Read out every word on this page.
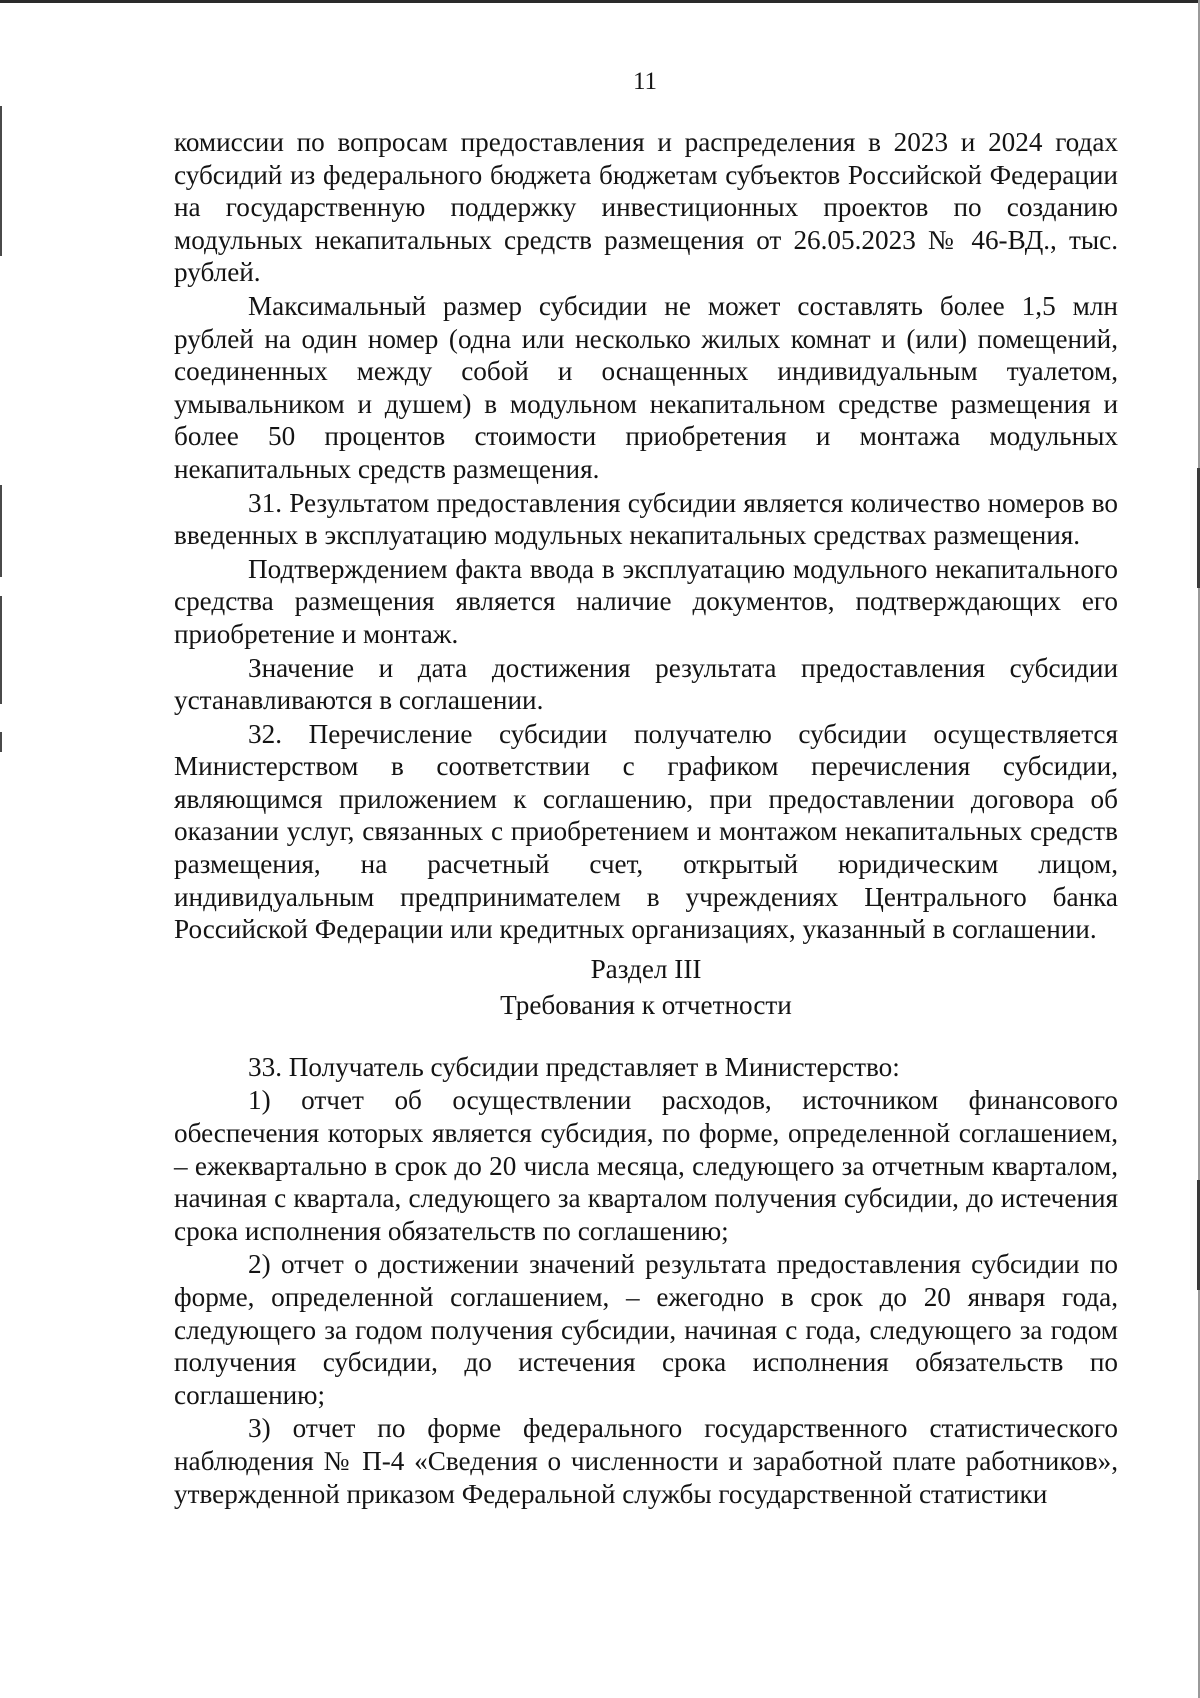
11

комиссии по вопросам предоставления и распределения в 2023 и 2024 годах субсидий из федерального бюджета бюджетам субъектов Российской Федерации на государственную поддержку инвестиционных проектов по созданию модульных некапитальных средств размещения от 26.05.2023 № 46-ВД., тыс. рублей.

Максимальный размер субсидии не может составлять более 1,5 млн рублей на один номер (одна или несколько жилых комнат и (или) помещений, соединенных между собой и оснащенных индивидуальным туалетом, умывальником и душем) в модульном некапитальном средстве размещения и более 50 процентов стоимости приобретения и монтажа модульных некапитальных средств размещения.

31. Результатом предоставления субсидии является количество номеров во введенных в эксплуатацию модульных некапитальных средствах размещения.

Подтверждением факта ввода в эксплуатацию модульного некапитального средства размещения является наличие документов, подтверждающих его приобретение и монтаж.

Значение и дата достижения результата предоставления субсидии устанавливаются в соглашении.

32. Перечисление субсидии получателю субсидии осуществляется Министерством в соответствии с графиком перечисления субсидии, являющимся приложением к соглашению, при предоставлении договора об оказании услуг, связанных с приобретением и монтажом некапитальных средств размещения, на расчетный счет, открытый юридическим лицом, индивидуальным предпринимателем в учреждениях Центрального банка Российской Федерации или кредитных организациях, указанный в соглашении.

Раздел III
Требования к отчетности

33. Получатель субсидии представляет в Министерство:

1) отчет об осуществлении расходов, источником финансового обеспечения которых является субсидия, по форме, определенной соглашением, – ежеквартально в срок до 20 числа месяца, следующего за отчетным кварталом, начиная с квартала, следующего за кварталом получения субсидии, до истечения срока исполнения обязательств по соглашению;

2) отчет о достижении значений результата предоставления субсидии по форме, определенной соглашением, – ежегодно в срок до 20 января года, следующего за годом получения субсидии, начиная с года, следующего за годом получения субсидии, до истечения срока исполнения обязательств по соглашению;

3) отчет по форме федерального государственного статистического наблюдения № П-4 «Сведения о численности и заработной плате работников», утвержденной приказом Федеральной службы государственной статистики
